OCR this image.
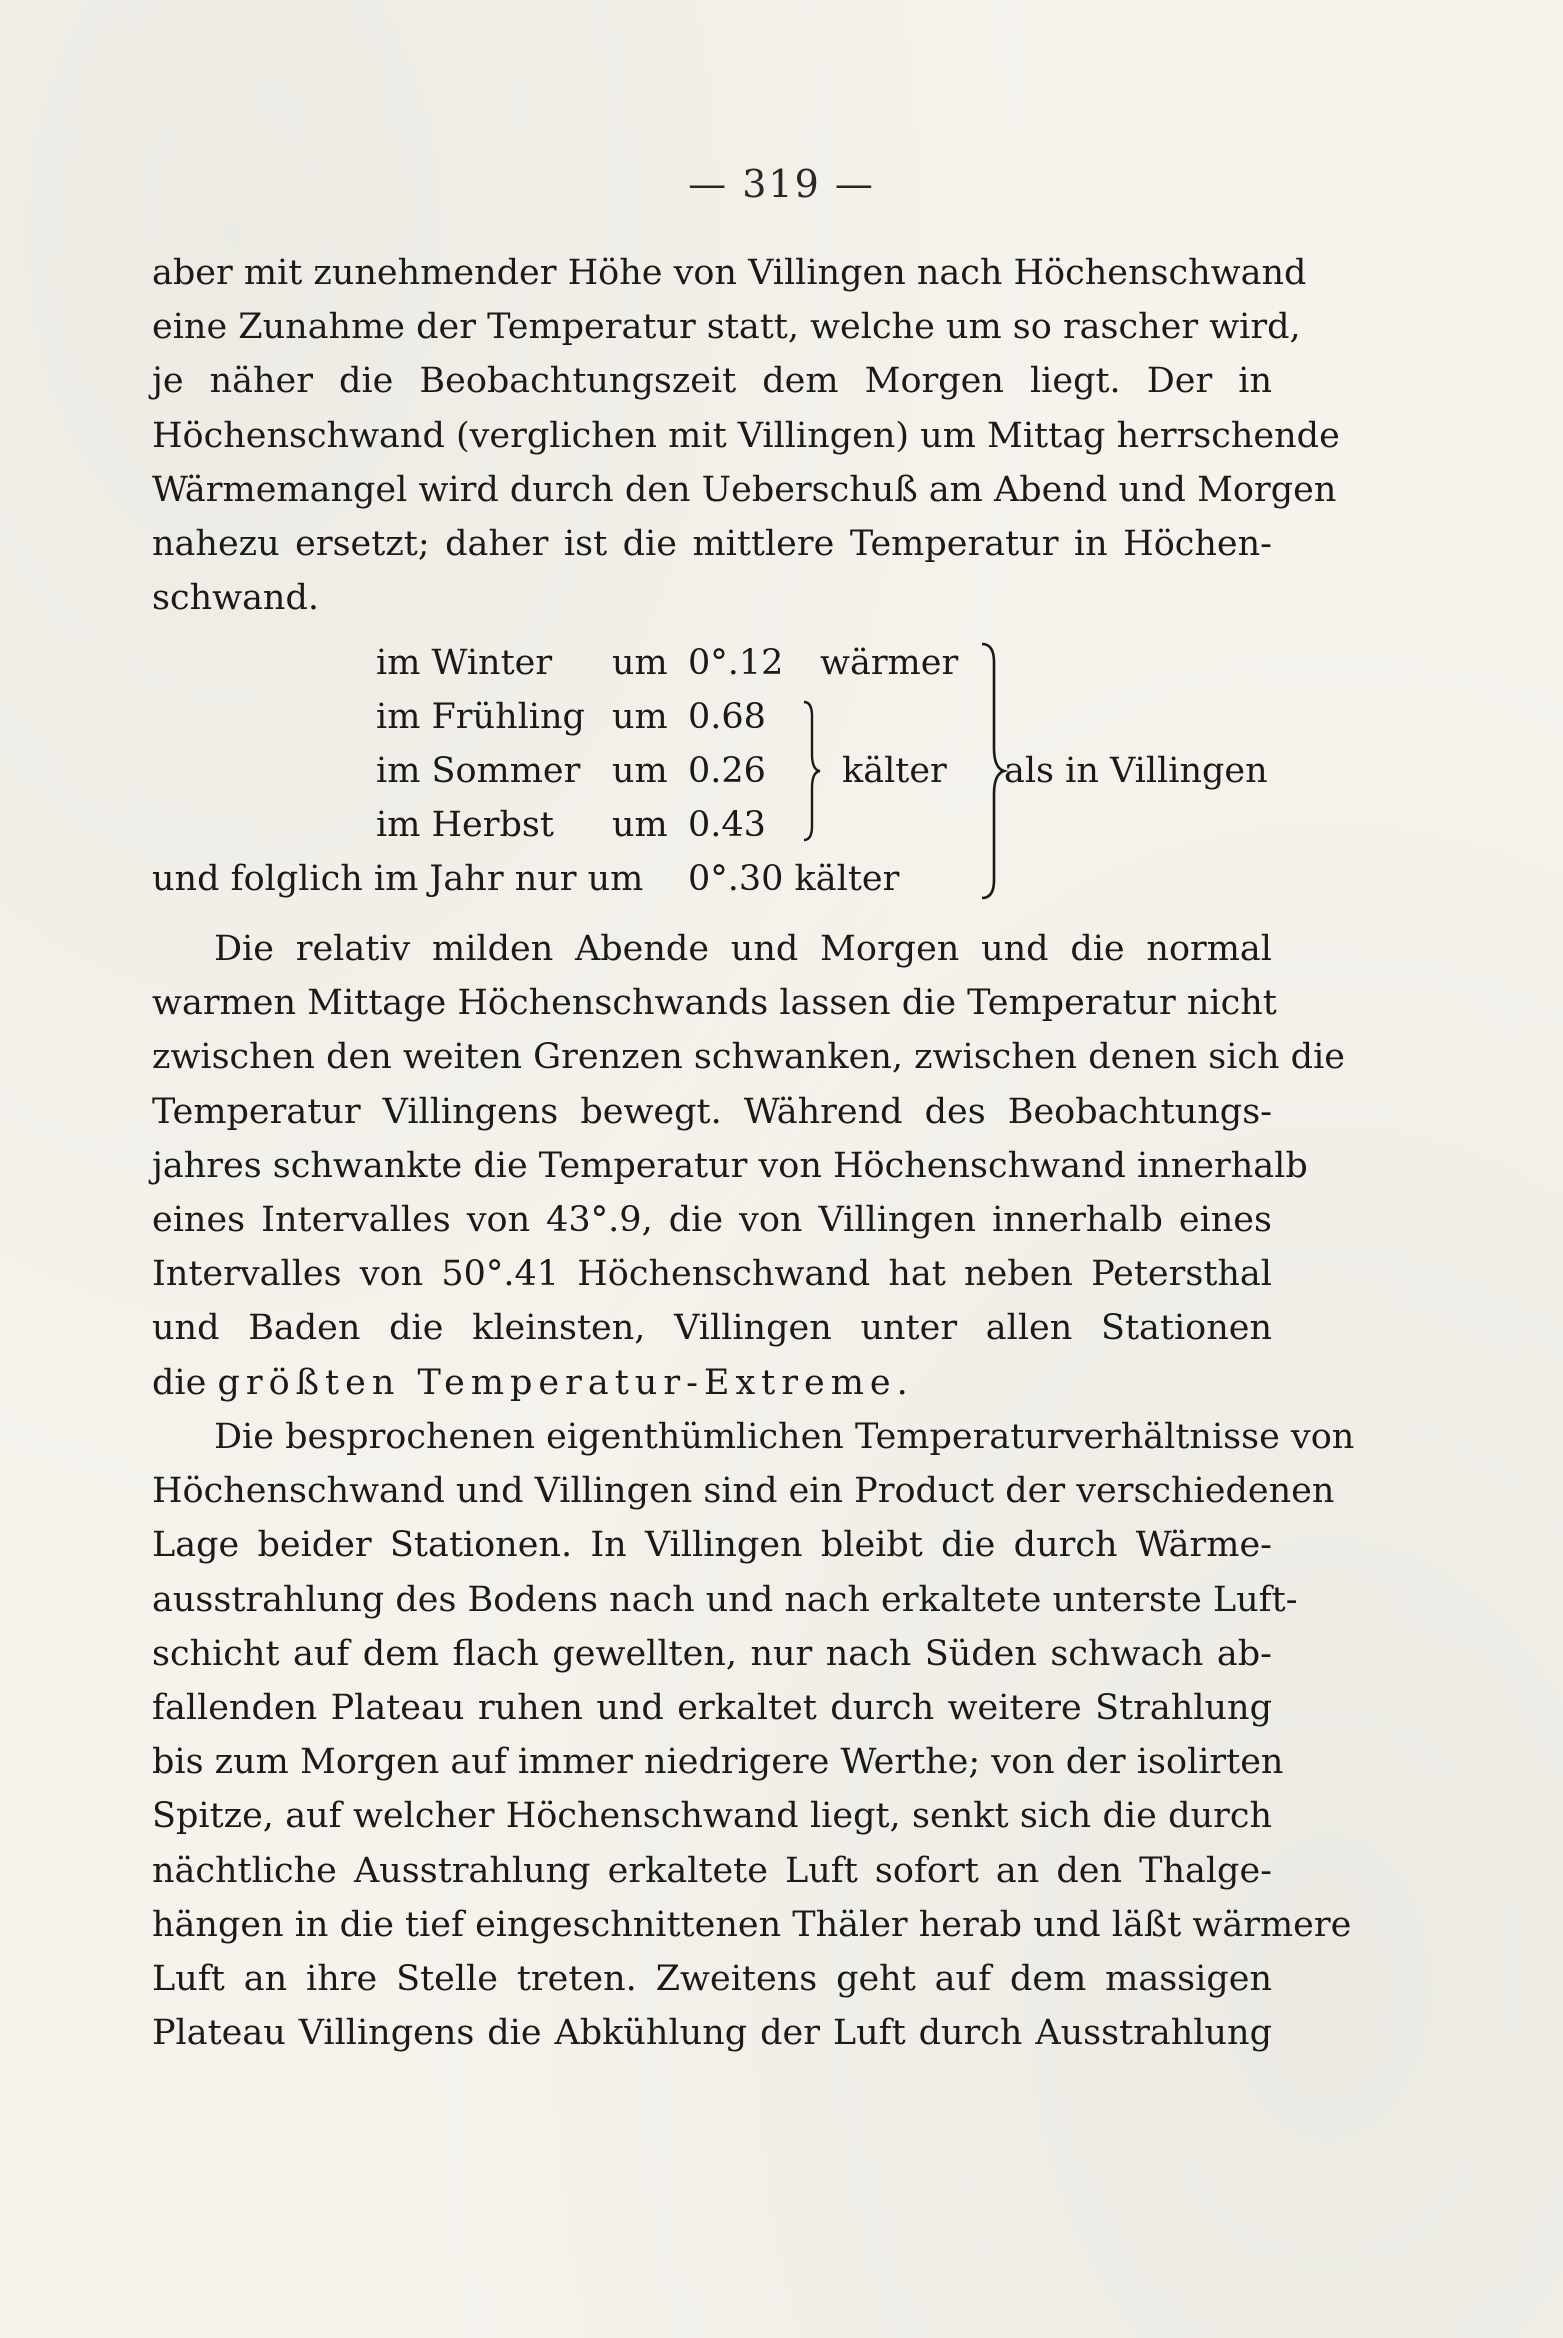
— 319 —
aber mit zunehmender Höhe von Villingen nach Höchenschwand
eine Zunahme der Temperatur statt, welche um so rascher wird,
je näher die Beobachtungszeit dem Morgen liegt. Der in
Höchenschwand (verglichen mit Villingen) um Mittag herrschende
Wärmemangel wird durch den Ueberschuß am Abend und Morgen
nahezu ersetzt; daher ist die mittlere Temperatur in Höchen-
schwand.
im Winter um 0°.12 wärmer
im Frühling um 0.68
im Sommer um 0.26 kälter
im Herbst um 0.43
und folglich im Jahr nur um 0°.30 kälter
als in Villingen
Die relativ milden Abende und Morgen und die normal
warmen Mittage Höchenschwands lassen die Temperatur nicht
zwischen den weiten Grenzen schwanken, zwischen denen sich die
Temperatur Villingens bewegt. Während des Beobachtungs-
jahres schwankte die Temperatur von Höchenschwand innerhalb
eines Intervalles von 43°.9, die von Villingen innerhalb eines
Intervalles von 50°.41 Höchenschwand hat neben Petersthal
und Baden die kleinsten, Villingen unter allen Stationen
die größten Temperatur-Extreme.
Die besprochenen eigenthümlichen Temperaturverhältnisse von
Höchenschwand und Villingen sind ein Product der verschiedenen
Lage beider Stationen. In Villingen bleibt die durch Wärme-
ausstrahlung des Bodens nach und nach erkaltete unterste Luft-
schicht auf dem flach gewellten, nur nach Süden schwach ab-
fallenden Plateau ruhen und erkaltet durch weitere Strahlung
bis zum Morgen auf immer niedrigere Werthe; von der isolirten
Spitze, auf welcher Höchenschwand liegt, senkt sich die durch
nächtliche Ausstrahlung erkaltete Luft sofort an den Thalge-
hängen in die tief eingeschnittenen Thäler herab und läßt wärmere
Luft an ihre Stelle treten. Zweitens geht auf dem massigen
Plateau Villingens die Abkühlung der Luft durch Ausstrahlung
